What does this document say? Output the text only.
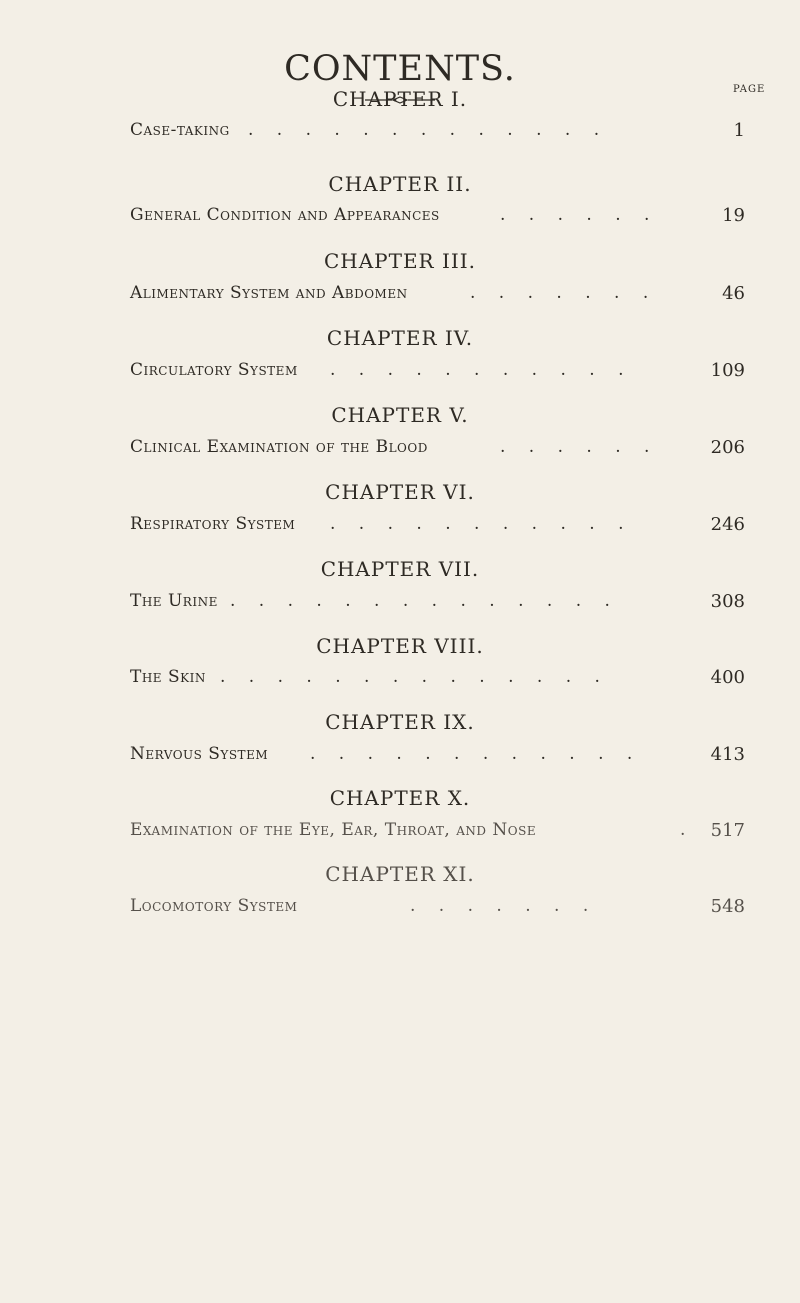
CONTENTS.
PAGE
CHAPTER I.
Case-taking . . . . . . . . . . . . .	1
CHAPTER II.
General Condition and Appearances	. . . . . .	19
CHAPTER III.
Alimentary System and Abdomen	. . . . . . .	46
CHAPTER IV.
Circulatory System . . . . . . . . . . .	109
CHAPTER V.
Clinical Examination of the Blood	. . . . . .	206
CHAPTER VI.
Respiratory System . . . . . . . . . . .	246
CHAPTER VII.
The Urine . . . . . . . . . . . . . .	308
CHAPTER VIII.
The Skin . . . . . . . . . . . . . .	400
CHAPTER IX.
Nervous System . . . . . . . . . . . .	413
CHAPTER X.
Examination of the Eye, Ear, Throat, and Nose	. 517
CHAPTER XI.
Locomotory System	. . . . . . .	548
